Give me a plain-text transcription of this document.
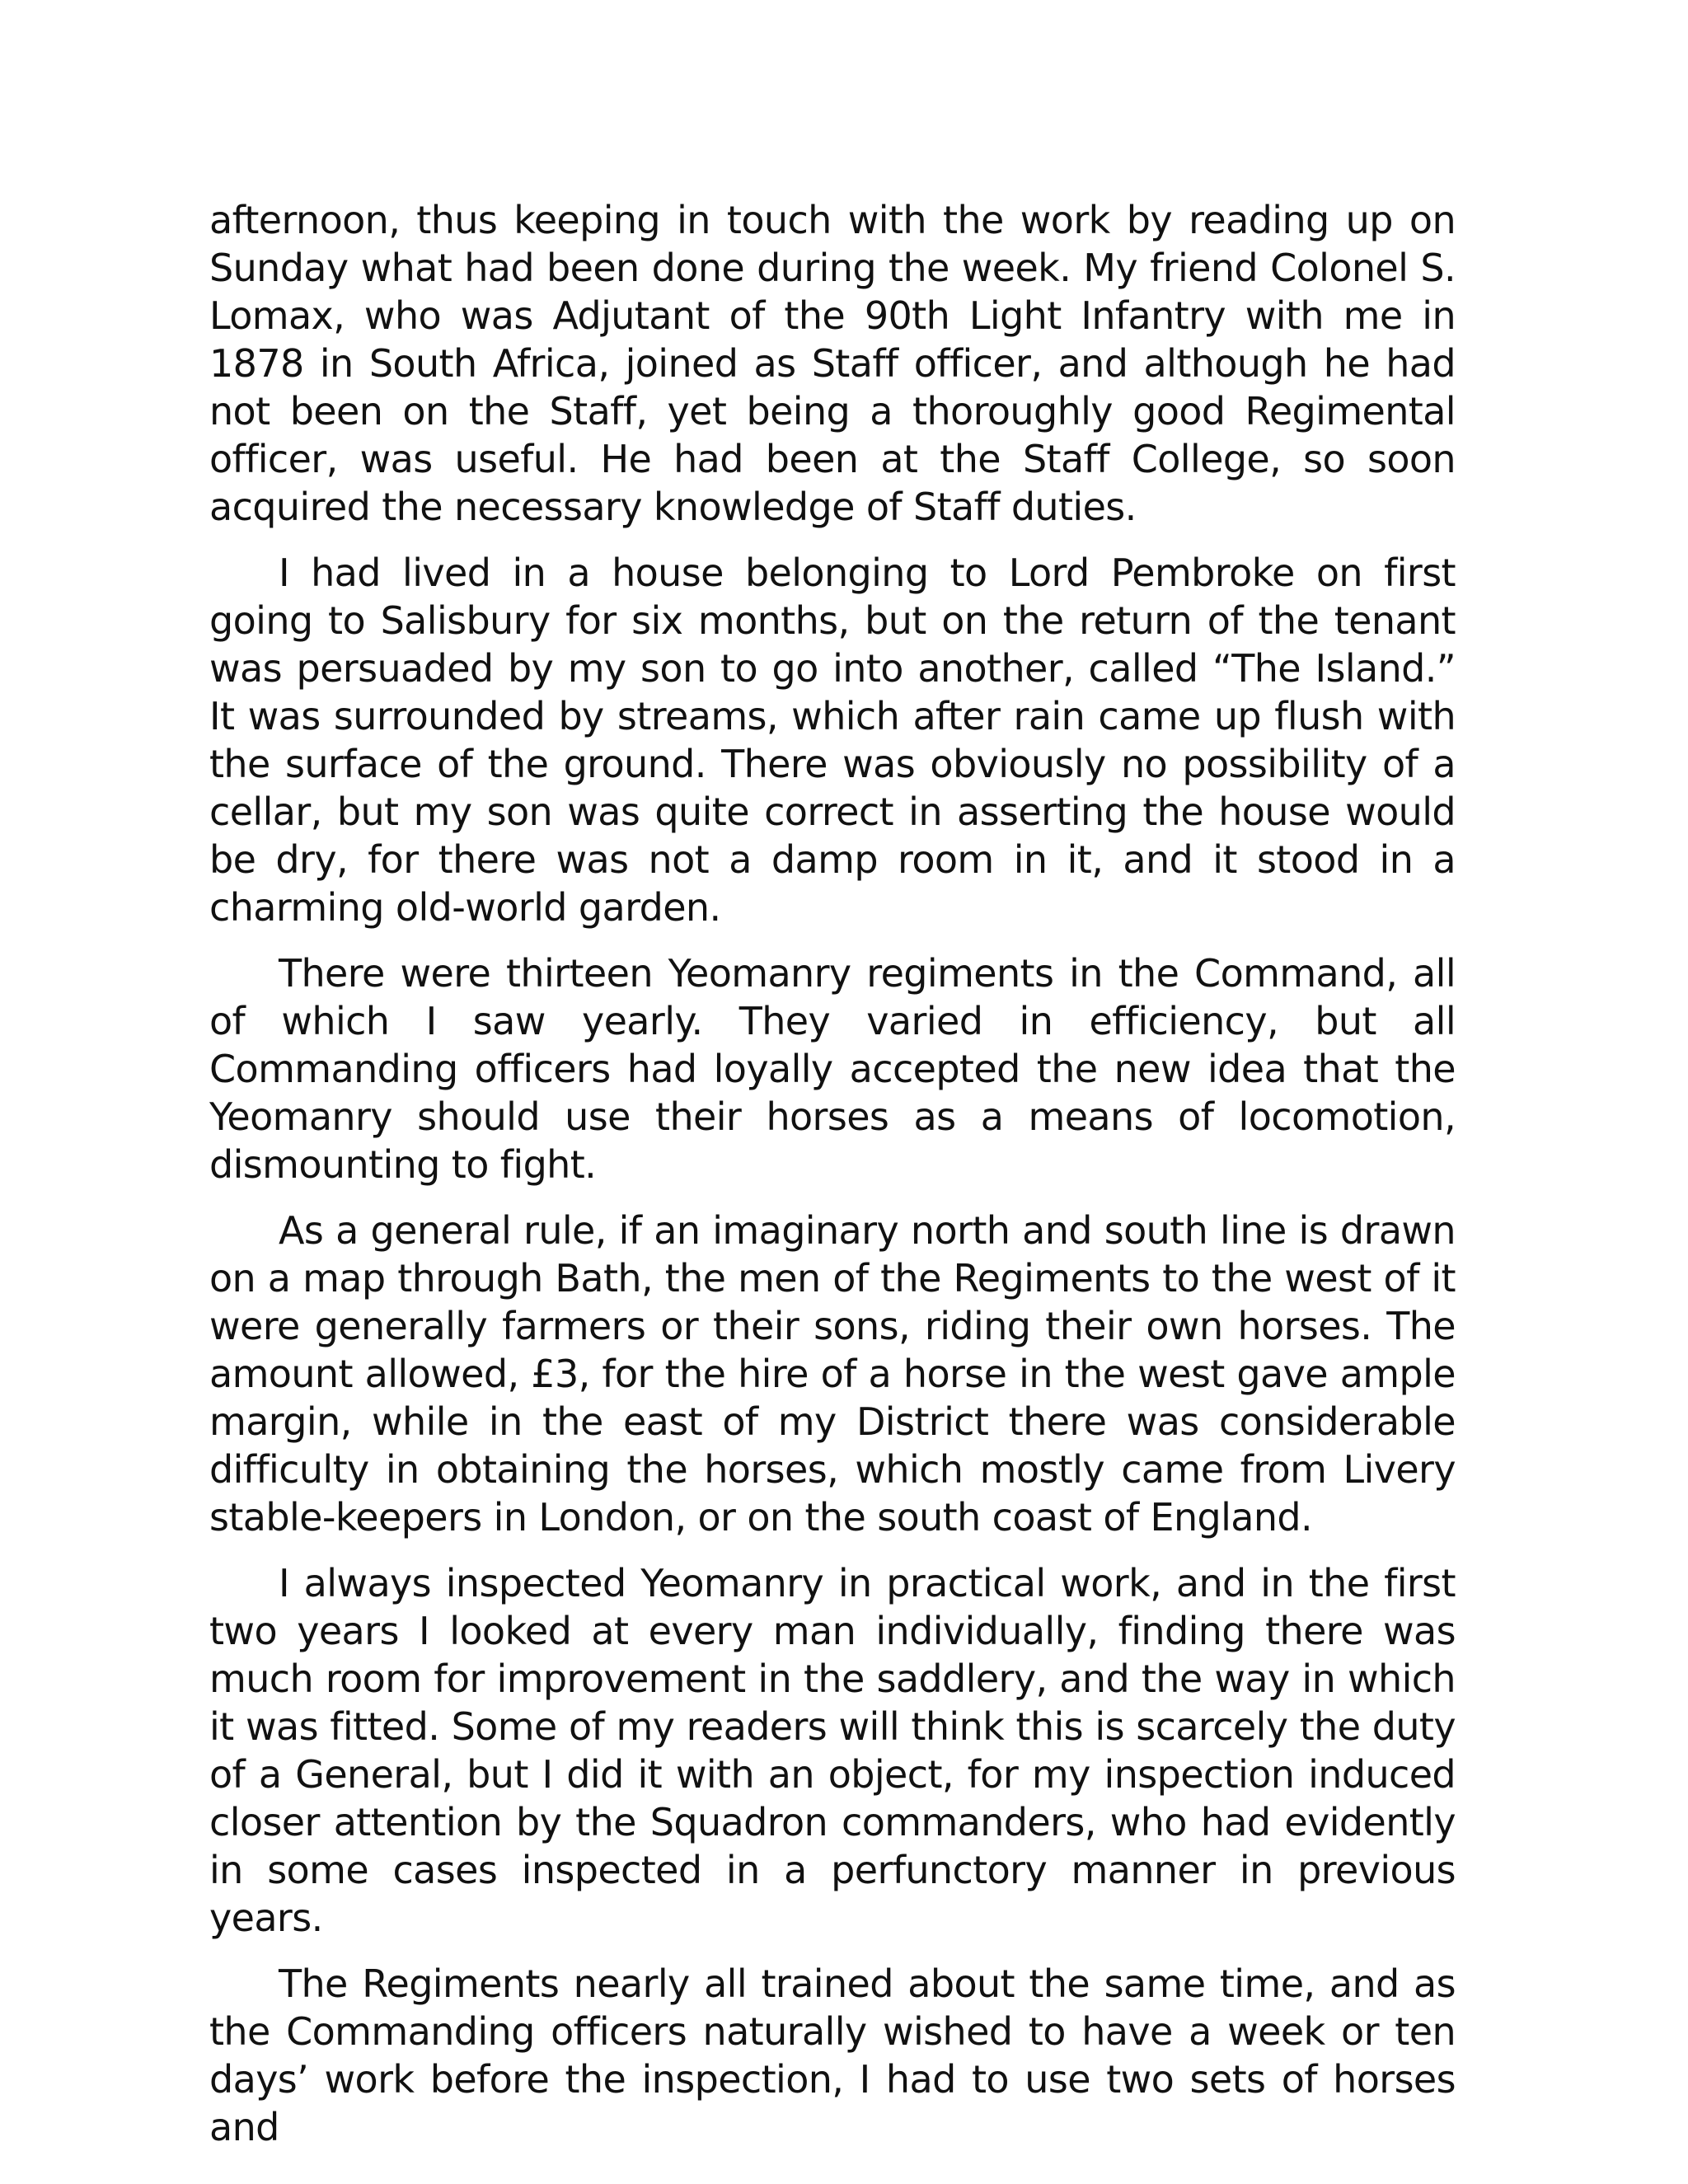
afternoon, thus keeping in touch with the work by reading up on Sunday what had been done during the week. My friend Colonel S. Lomax, who was Adjutant of the 90th Light Infantry with me in 1878 in South Africa, joined as Staff officer, and although he had not been on the Staff, yet being a thoroughly good Regimental officer, was useful. He had been at the Staff College, so soon acquired the necessary knowledge of Staff duties.

I had lived in a house belonging to Lord Pembroke on first going to Salisbury for six months, but on the return of the tenant was persuaded by my son to go into another, called “The Island.” It was surrounded by streams, which after rain came up flush with the surface of the ground. There was obviously no possibility of a cellar, but my son was quite correct in asserting the house would be dry, for there was not a damp room in it, and it stood in a charming old-world garden.

There were thirteen Yeomanry regiments in the Command, all of which I saw yearly. They varied in efficiency, but all Commanding officers had loyally accepted the new idea that the Yeomanry should use their horses as a means of locomotion, dismounting to fight.

As a general rule, if an imaginary north and south line is drawn on a map through Bath, the men of the Regiments to the west of it were generally farmers or their sons, riding their own horses. The amount allowed, £3, for the hire of a horse in the west gave ample margin, while in the east of my District there was considerable difficulty in obtaining the horses, which mostly came from Livery stable-keepers in London, or on the south coast of England.

I always inspected Yeomanry in practical work, and in the first two years I looked at every man individually, finding there was much room for improvement in the saddlery, and the way in which it was fitted. Some of my readers will think this is scarcely the duty of a General, but I did it with an object, for my inspection induced closer attention by the Squadron commanders, who had evidently in some cases inspected in a perfunctory manner in previous years.

The Regiments nearly all trained about the same time, and as the Commanding officers naturally wished to have a week or ten days’ work before the inspection, I had to use two sets of horses and
